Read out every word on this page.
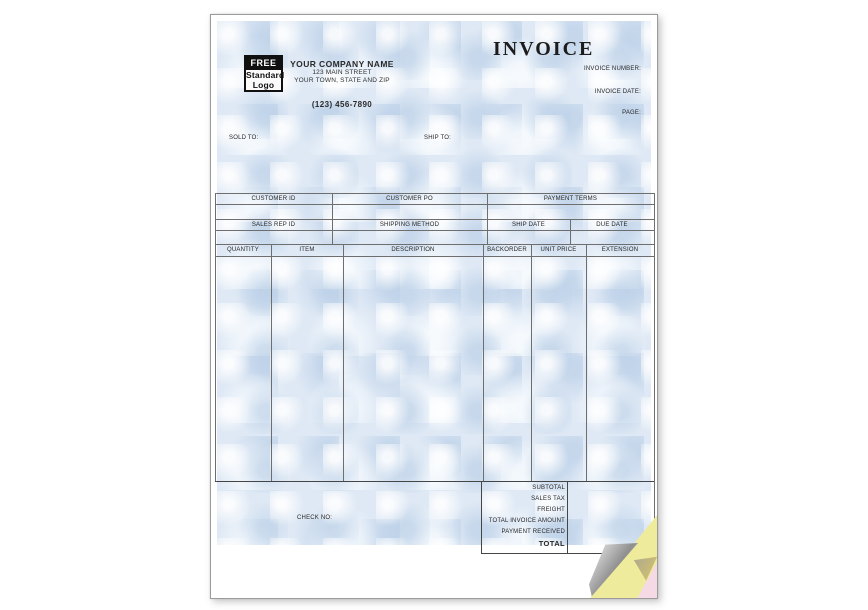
FREE
Standard
Logo
YOUR COMPANY NAME
123 MAIN STREET
YOUR TOWN, STATE AND ZIP
(123) 456-7890
INVOICE
INVOICE NUMBER:
INVOICE DATE:
PAGE:
SOLD TO:	SHIP TO:
CUSTOMER ID	CUSTOMER PO	PAYMENT TERMS
SALES REP ID	SHIPPING METHOD	SHIP DATE	DUE DATE
QUANTITY	ITEM	DESCRIPTION	BACKORDER	UNIT PRICE	EXTENSION
SUBTOTAL
SALES TAX
FREIGHT
TOTAL INVOICE AMOUNT
PAYMENT RECEIVED
TOTAL
CHECK NO:
